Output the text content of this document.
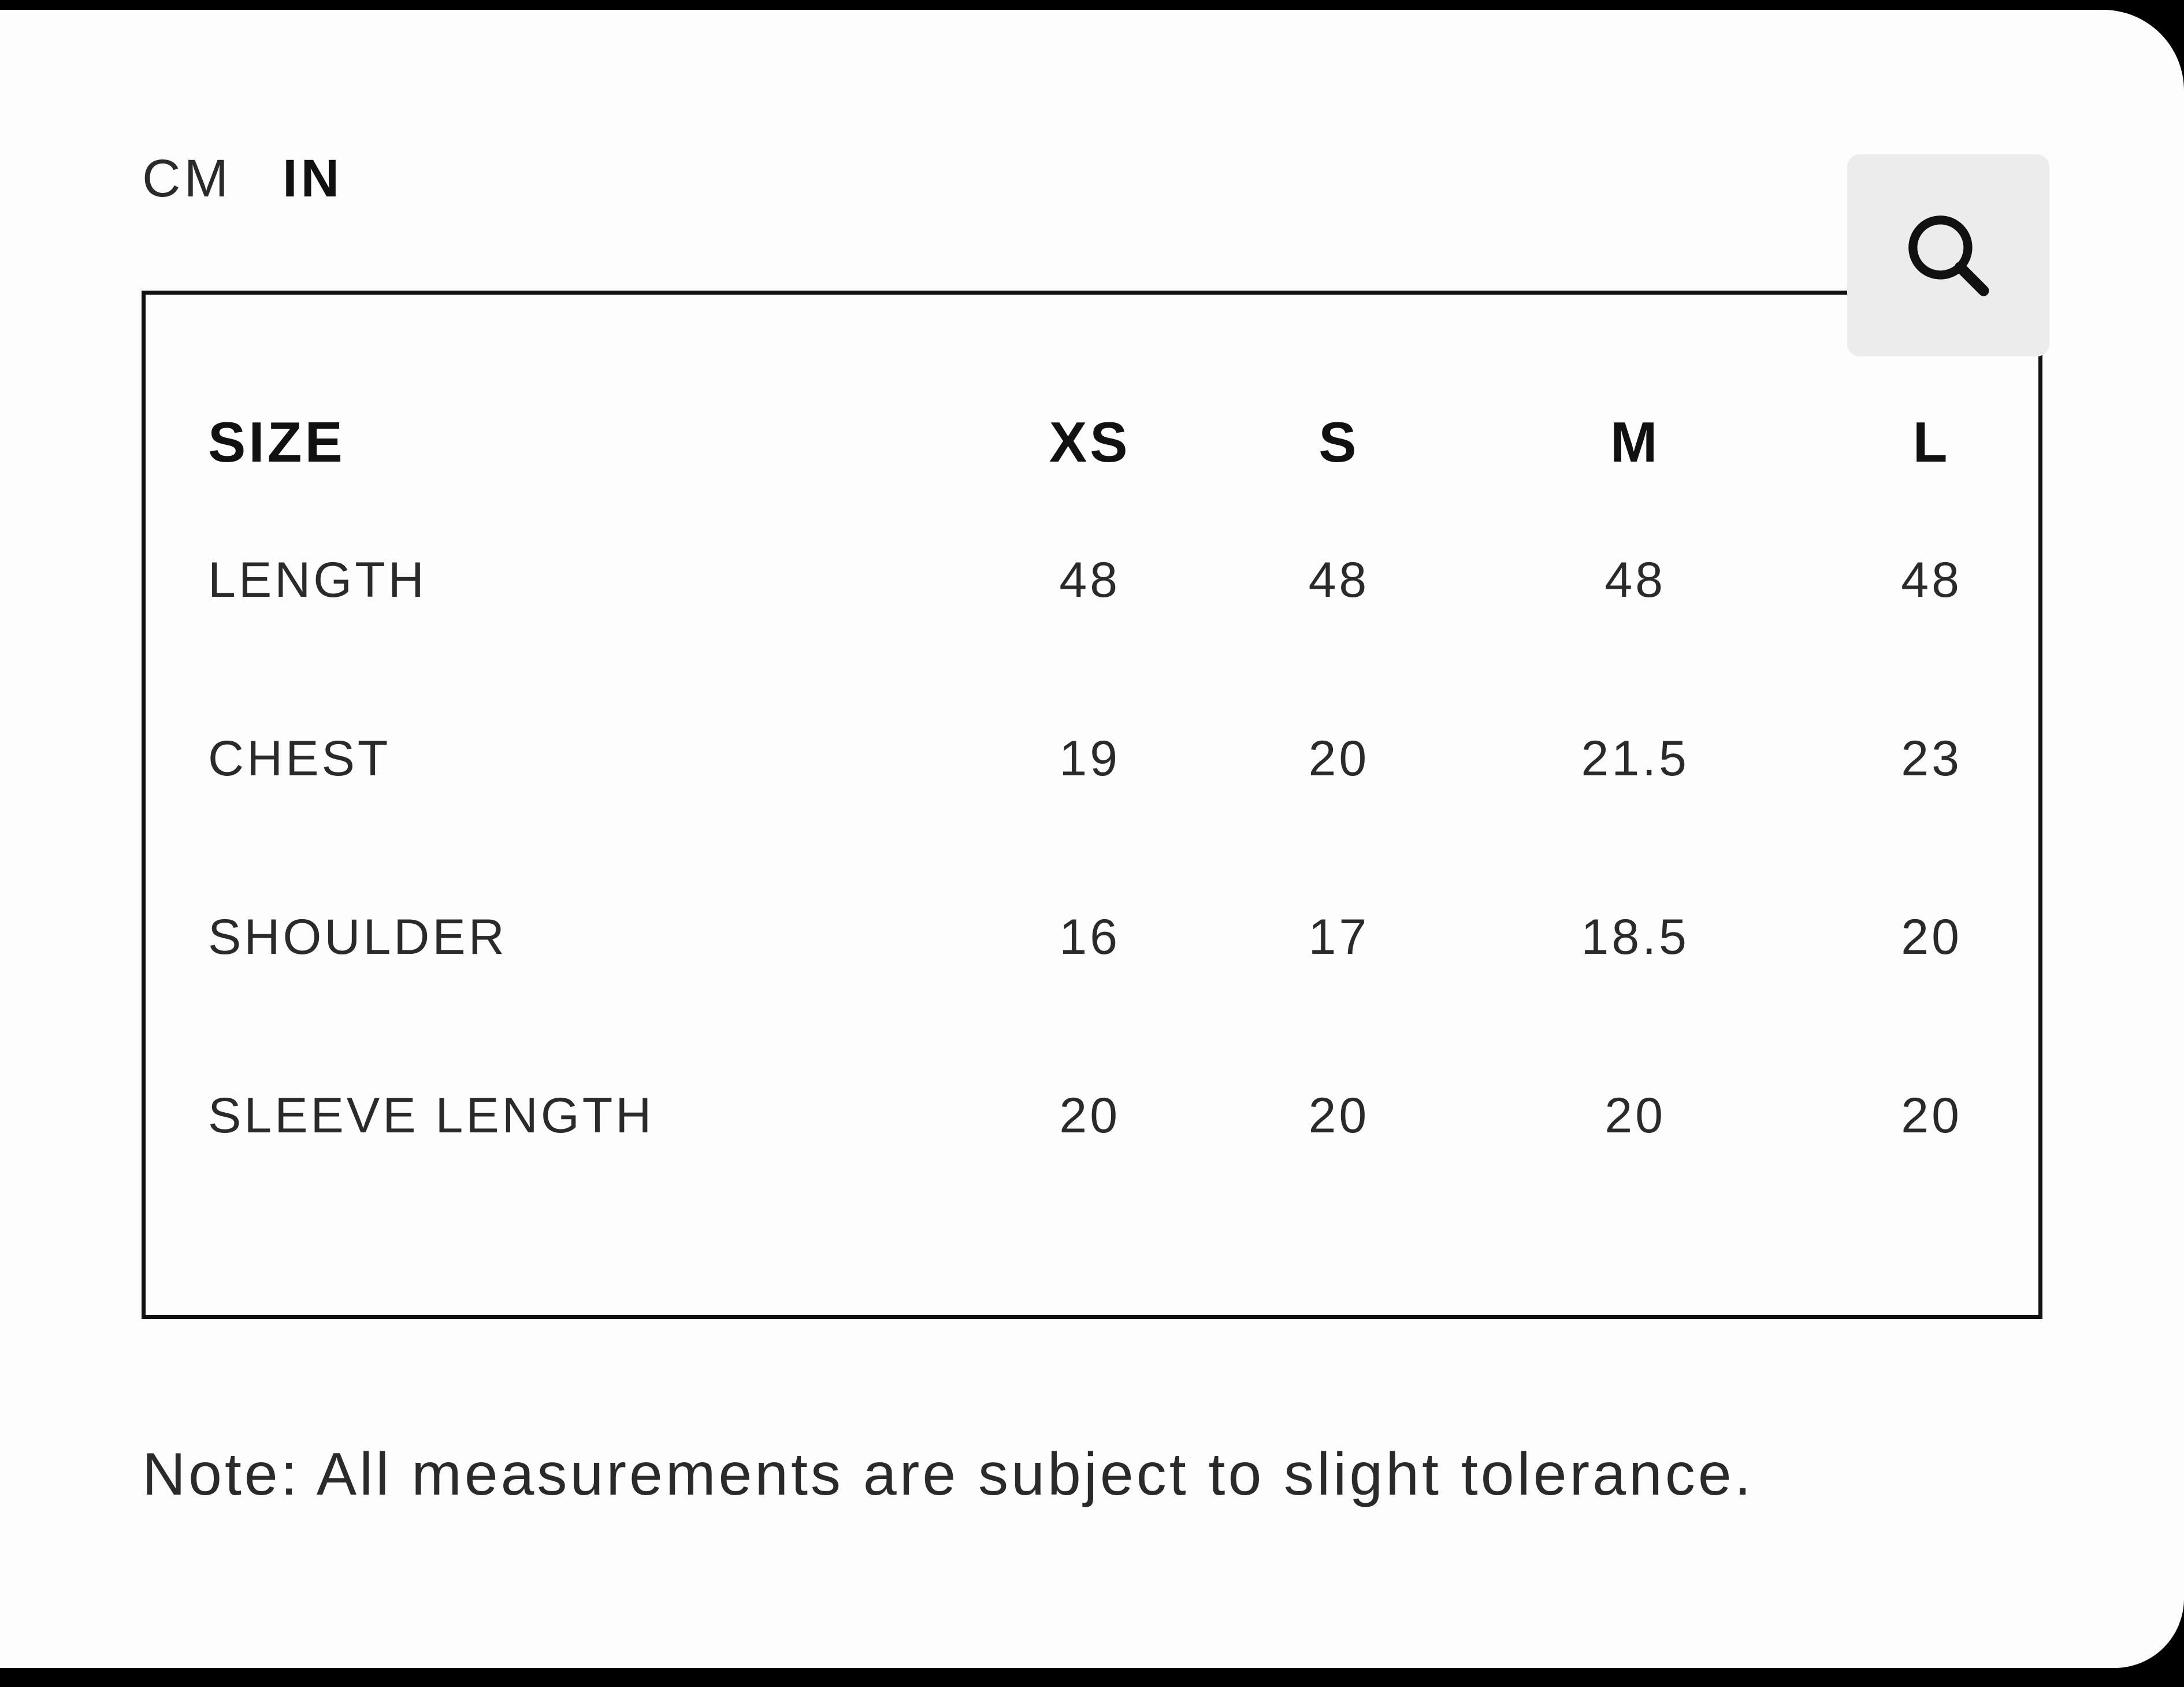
CM IN

SIZE	XS	S	M	L
LENGTH	48	48	48	48
CHEST	19	20	21.5	23
SHOULDER	16	17	18.5	20
SLEEVE LENGTH	20	20	20	20
Note: All measurements are subject to slight tolerance.
